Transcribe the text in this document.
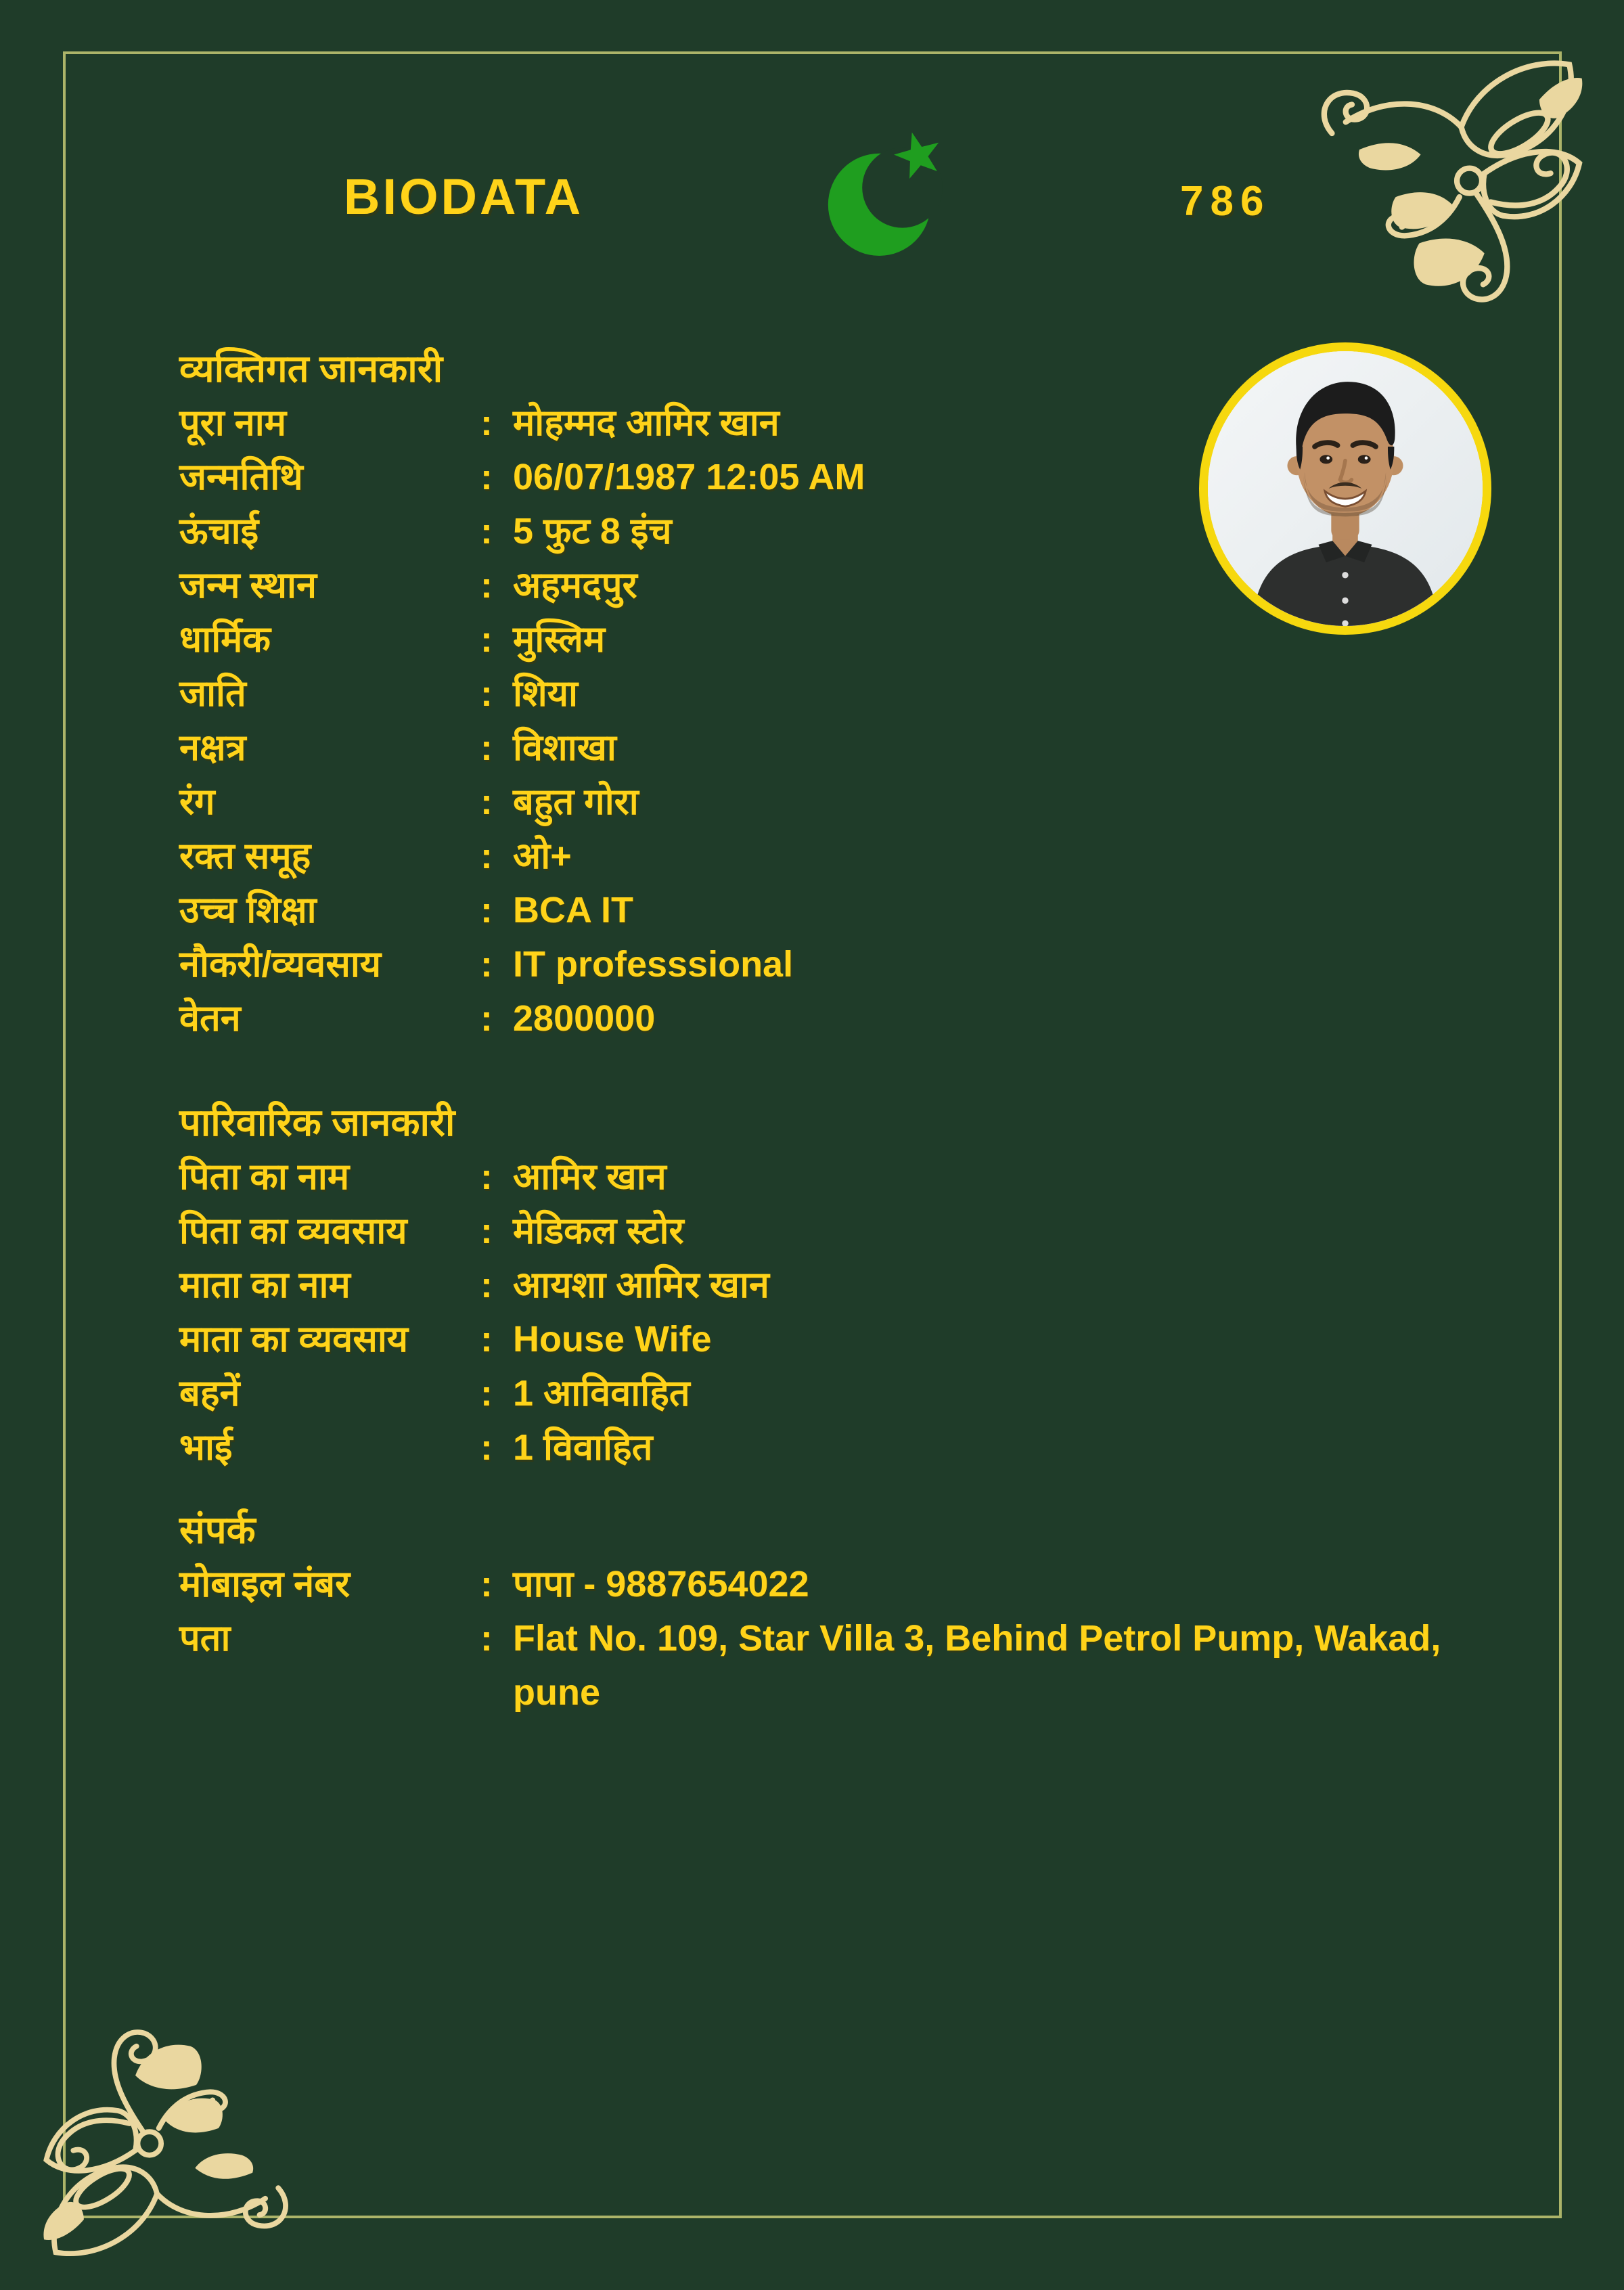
BIODATA	786
व्यक्तिगत जानकारी
पूरा नाम	: मोहम्मद आमिर खान
जन्मतिथि	: 06/07/1987 12:05 AM
ऊंचाई	: 5 फुट 8 इंच
जन्म स्थान	: अहमदपुर
धार्मिक	: मुस्लिम
जाति	: शिया
नक्षत्र	: विशाखा
रंग	: बहुत गोरा
रक्त समूह	: ओ+
उच्च शिक्षा	: BCA IT
नौकरी/व्यवसाय	: IT professsional
वेतन	: 2800000
पारिवारिक जानकारी
पिता का नाम	: आमिर खान
पिता का व्यवसाय	: मेडिकल स्टोर
माता का नाम	: आयशा आमिर खान
माता का व्यवसाय	: House Wife
बहनें	: 1 आविवाहित
भाई	: 1 विवाहित
संपर्क
मोबाइल नंबर	: पापा - 9887654022
पता	: Flat No. 109, Star Villa 3, Behind Petrol Pump, Wakad, pune
